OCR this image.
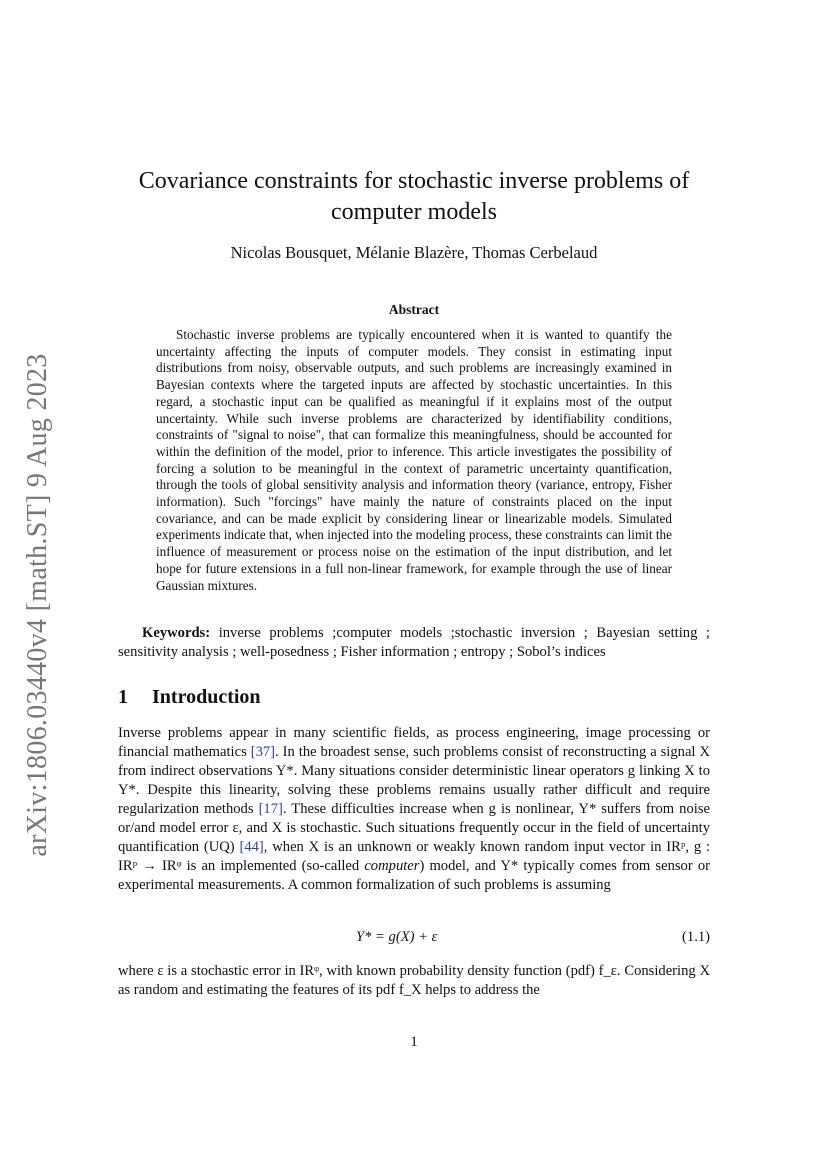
arXiv:1806.03440v4 [math.ST] 9 Aug 2023
Covariance constraints for stochastic inverse problems of computer models
Nicolas Bousquet, Mélanie Blazère, Thomas Cerbelaud
Abstract

Stochastic inverse problems are typically encountered when it is wanted to quantify the uncertainty affecting the inputs of computer models. They consist in estimating input distributions from noisy, observable outputs, and such problems are increasingly examined in Bayesian contexts where the targeted inputs are affected by stochastic uncertainties. In this regard, a stochastic input can be qualified as meaningful if it explains most of the output uncertainty. While such inverse problems are characterized by identifiability conditions, constraints of "signal to noise", that can formalize this meaningfulness, should be accounted for within the definition of the model, prior to inference. This article investigates the possibility of forcing a solution to be meaningful in the context of parametric uncertainty quantification, through the tools of global sensitivity analysis and information theory (variance, entropy, Fisher information). Such "forcings" have mainly the nature of constraints placed on the input covariance, and can be made explicit by considering linear or linearizable models. Simulated experiments indicate that, when injected into the modeling process, these constraints can limit the influence of measurement or process noise on the estimation of the input distribution, and let hope for future extensions in a full non-linear framework, for example through the use of linear Gaussian mixtures.

Keywords: inverse problems ;computer models ;stochastic inversion ; Bayesian setting ; sensitivity analysis ; well-posedness ; Fisher information ; entropy ; Sobol’s indices

1 Introduction

Inverse problems appear in many scientific fields, as process engineering, image processing or financial mathematics [37]. In the broadest sense, such problems consist of reconstructing a signal X from indirect observations Y*. Many situations consider deterministic linear operators g linking X to Y*. Despite this linearity, solving these problems remains usually rather difficult and require regularization methods [17]. These difficulties increase when g is nonlinear, Y* suffers from noise or/and model error ε, and X is stochastic. Such situations frequently occur in the field of uncertainty quantification (UQ) [44], when X is an unknown or weakly known random input vector in IRᵖ, g : IRᵖ → IRᵠ is an implemented (so-called computer) model, and Y* typically comes from sensor or experimental measurements. A common formalization of such problems is assuming

Y* = g(X) + ε	(1.1)

where ε is a stochastic error in IRᵠ, with known probability density function (pdf) f_ε. Considering X as random and estimating the features of its pdf f_X helps to address the

1
